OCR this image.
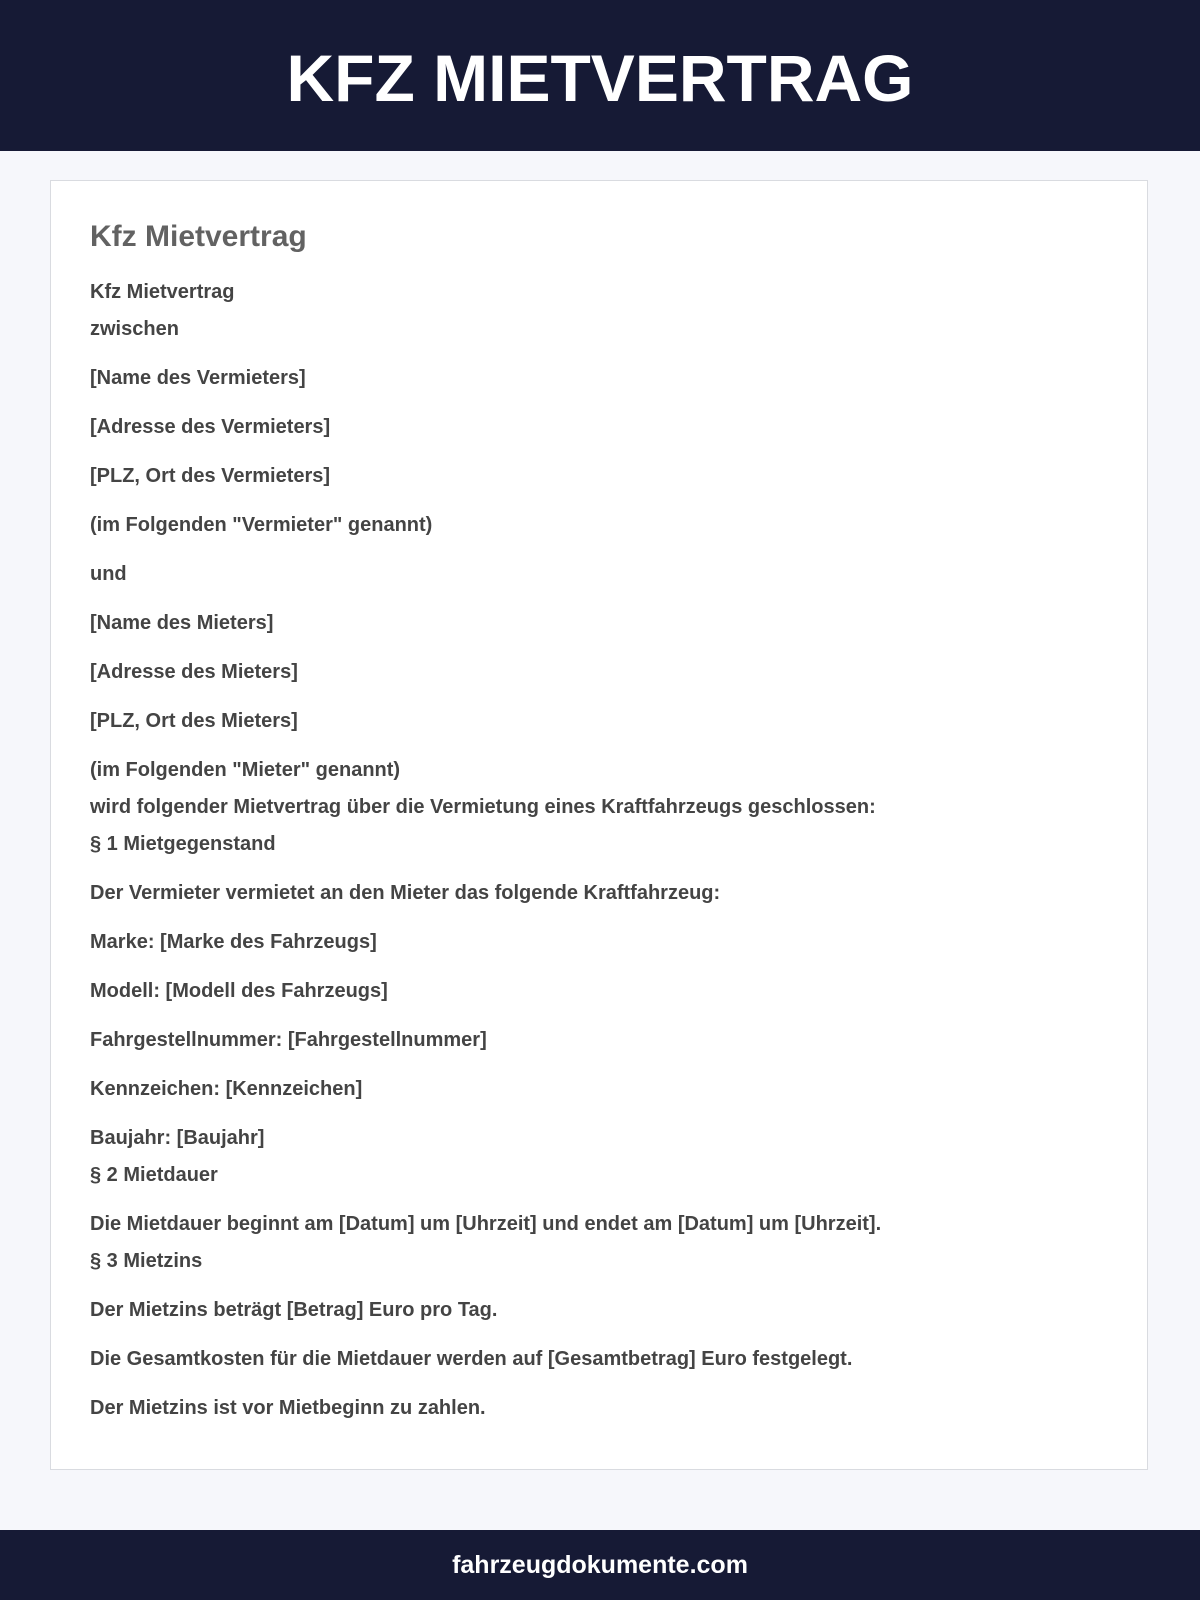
KFZ MIETVERTRAG
Kfz Mietvertrag

Kfz Mietvertrag

zwischen

[Name des Vermieters]

[Adresse des Vermieters]

[PLZ, Ort des Vermieters]

(im Folgenden "Vermieter" genannt)

und

[Name des Mieters]

[Adresse des Mieters]

[PLZ, Ort des Mieters]

(im Folgenden "Mieter" genannt)

wird folgender Mietvertrag über die Vermietung eines Kraftfahrzeugs geschlossen:

§ 1 Mietgegenstand

Der Vermieter vermietet an den Mieter das folgende Kraftfahrzeug:

Marke: [Marke des Fahrzeugs]

Modell: [Modell des Fahrzeugs]

Fahrgestellnummer: [Fahrgestellnummer]

Kennzeichen: [Kennzeichen]

Baujahr: [Baujahr]

§ 2 Mietdauer

Die Mietdauer beginnt am [Datum] um [Uhrzeit] und endet am [Datum] um [Uhrzeit].

§ 3 Mietzins

Der Mietzins beträgt [Betrag] Euro pro Tag.

Die Gesamtkosten für die Mietdauer werden auf [Gesamtbetrag] Euro festgelegt.

Der Mietzins ist vor Mietbeginn zu zahlen.

fahrzeugdokumente.com
